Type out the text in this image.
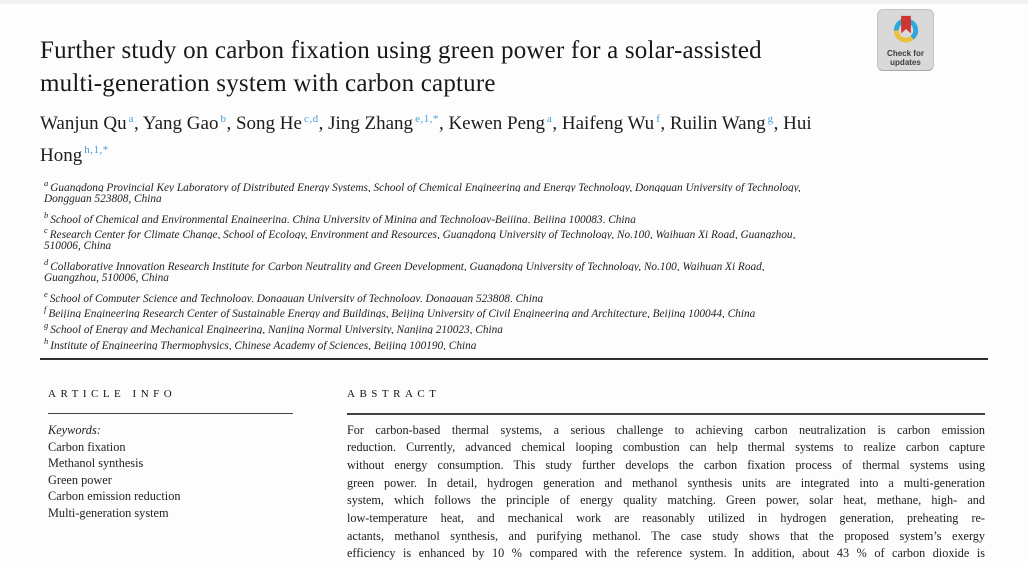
Further study on carbon fixation using green power for a solar-assisted
multi-generation system with carbon capture
Check for
updates
Wanjun Qu $^a$ , Yang Gao $^b$ , Song He $^{c,d}$ , Jing Zhang $^{e,1,*}$ , Kewen Peng $^a$ , Haifeng Wu $^f$ , Ruilin Wang $^g$ , Hui Hong $^{h,1,*}$
$^a$ Guangdong Provincial Key Laboratory of Distributed Energy Systems, School of Chemical Engineering and Energy Technology, Dongguan University of Technology,
Dongguan 523808, China
$^b$ School of Chemical and Environmental Engineering, China University of Mining and Technology-Beijing, Beijing 100083, China
$^c$ Research Center for Climate Change, School of Ecology, Environment and Resources, Guangdong University of Technology, No.100, Waihuan Xi Road, Guangzhou,
510006, China
$^d$ Collaborative Innovation Research Institute for Carbon Neutrality and Green Development, Guangdong University of Technology, No.100, Waihuan Xi Road,
Guangzhou, 510006, China
$^e$ School of Computer Science and Technology, Dongguan University of Technology, Dongguan 523808, China
$^f$ Beijing Engineering Research Center of Sustainable Energy and Buildings, Beijing University of Civil Engineering and Architecture, Beijing 100044, China
$^g$ School of Energy and Mechanical Engineering, Nanjing Normal University, Nanjing 210023, China
$^h$ Institute of Engineering Thermophysics, Chinese Academy of Sciences, Beijing 100190, China
ARTICLE INFO
Keywords:
Carbon fixation
Methanol synthesis
Green power
Carbon emission reduction
Multi-generation system
ABSTRACT
For carbon-based thermal systems, a serious challenge to achieving carbon neutralization is carbon emission
reduction. Currently, advanced chemical looping combustion can help thermal systems to realize carbon capture
without energy consumption. This study further develops the carbon fixation process of thermal systems using
green power. In detail, hydrogen generation and methanol synthesis units are integrated into a multi-generation
system, which follows the principle of energy quality matching. Green power, solar heat, methane, high- and
low-temperature heat, and mechanical work are reasonably utilized in hydrogen generation, preheating re-
actants, methanol synthesis, and purifying methanol. The case study shows that the proposed system’s exergy
efficiency is enhanced by 10 % compared with the reference system. In addition, about 43 % of carbon dioxide is
